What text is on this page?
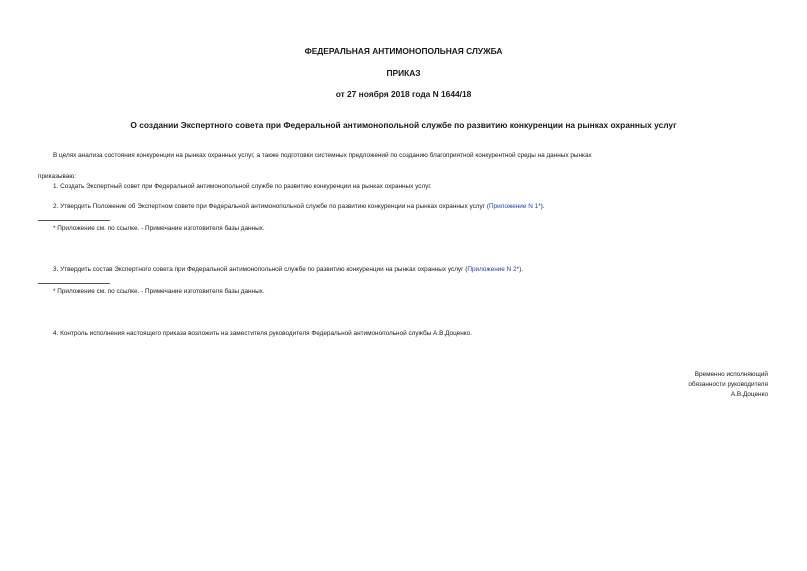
ФЕДЕРАЛЬНАЯ АНТИМОНОПОЛЬНАЯ СЛУЖБА
ПРИКАЗ
от 27 ноября 2018 года N 1644/18
О создании Экспертного совета при Федеральной антимонопольной службе по развитию конкуренции на рынках охранных услуг
В целях анализа состояния конкуренции на рынках охранных услуг, а также подготовки системных предложений по созданию благоприятной конкурентной среды на данных рынках
приказываю:
1. Создать Экспертный совет при Федеральной антимонопольной службе по развитию конкуренции на рынках охранных услуг.
2. Утвердить Положение об Экспертном совете при Федеральной антимонопольной службе по развитию конкуренции на рынках охранных услуг (Приложение N 1*).
* Приложение см. по ссылке. - Примечание изготовителя базы данных.
3. Утвердить состав Экспертного совета при Федеральной антимонопольной службе по развитию конкуренции на рынках охранных услуг (Приложение N 2*).
* Приложение см. по ссылке. - Примечание изготовителя базы данных.
4. Контроль исполнения настоящего приказа возложить на заместителя руководителя Федеральной антимонопольной службы А.В.Доценко.
Временно исполняющий
обязанности руководителя
А.В.Доценко
